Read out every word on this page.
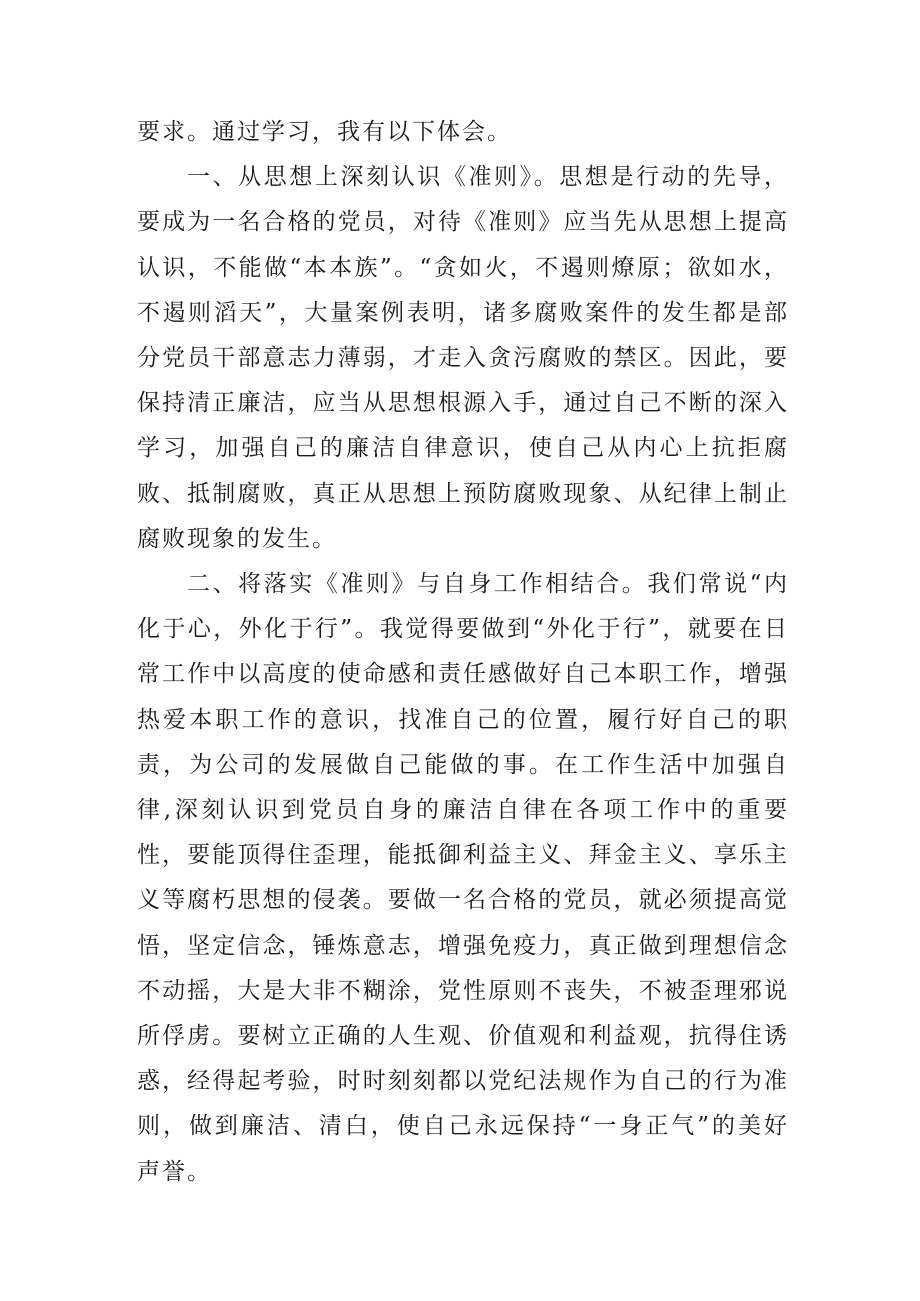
要求。通过学习，我有以下体会。

一、从思想上深刻认识《准则》。思想是行动的先导，要成为一名合格的党员，对待《准则》应当先从思想上提高认识，不能做“本本族”。“贪如火，不遏则燎原；欲如水，不遏则滔天”，大量案例表明，诸多腐败案件的发生都是部分党员干部意志力薄弱，才走入贪污腐败的禁区。因此，要保持清正廉洁，应当从思想根源入手，通过自己不断的深入学习，加强自己的廉洁自律意识，使自己从内心上抗拒腐败、抵制腐败，真正从思想上预防腐败现象、从纪律上制止腐败现象的发生。

二、将落实《准则》与自身工作相结合。我们常说“内化于心，外化于行”。我觉得要做到“外化于行”，就要在日常工作中以高度的使命感和责任感做好自己本职工作，增强热爱本职工作的意识，找准自己的位置，履行好自己的职责，为公司的发展做自己能做的事。在工作生活中加强自律,深刻认识到党员自身的廉洁自律在各项工作中的重要性，要能顶得住歪理，能抵御利益主义、拜金主义、享乐主义等腐朽思想的侵袭。要做一名合格的党员，就必须提高觉悟，坚定信念，锤炼意志，增强免疫力，真正做到理想信念不动摇，大是大非不糊涂，党性原则不丧失，不被歪理邪说所俘虏。要树立正确的人生观、价值观和利益观，抗得住诱惑，经得起考验，时时刻刻都以党纪法规作为自己的行为准则，做到廉洁、清白，使自己永远保持“一身正气”的美好声誉。
